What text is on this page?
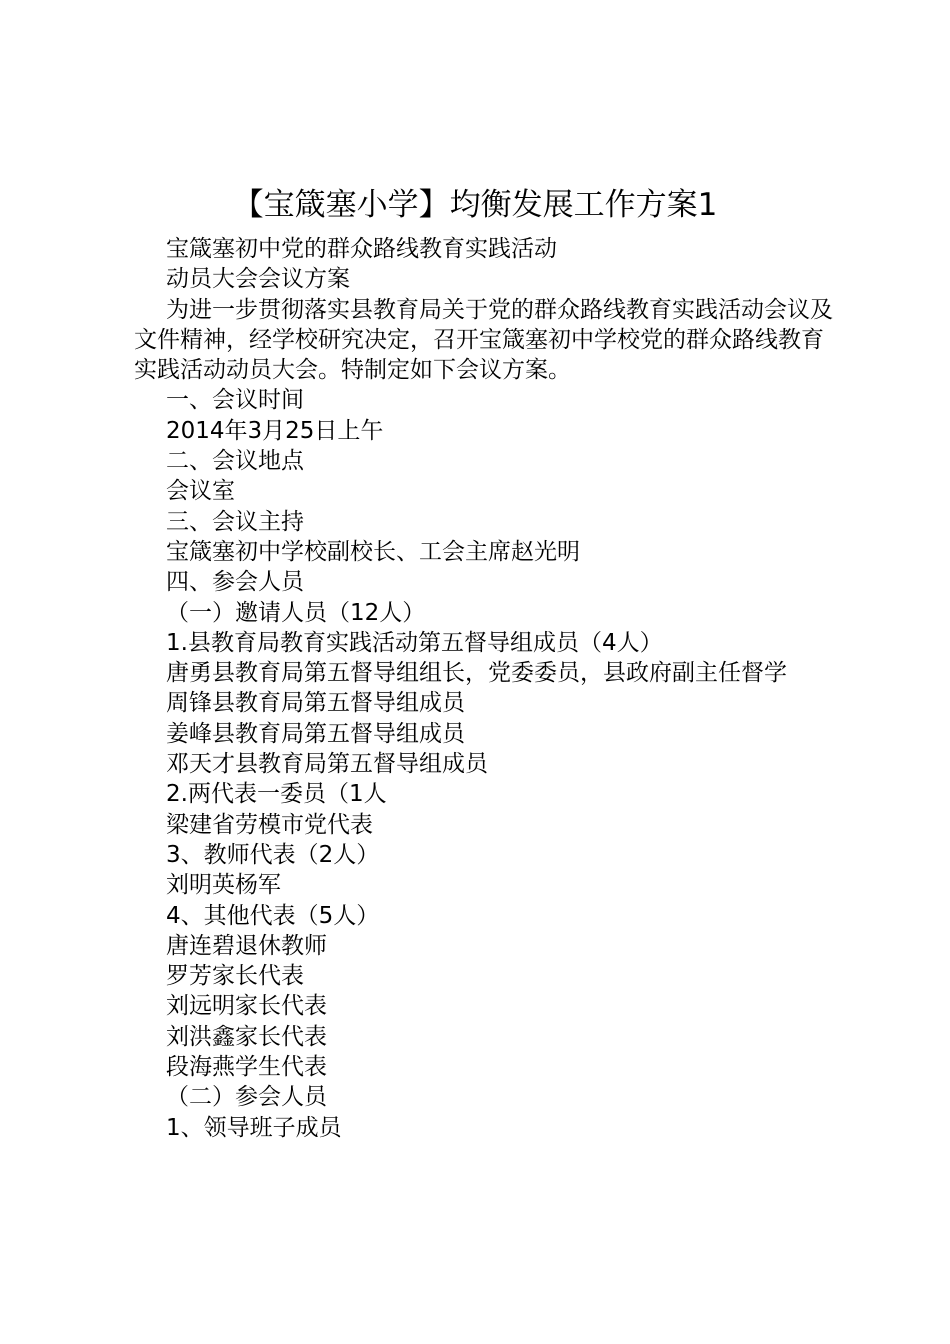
【宝箴塞小学】均衡发展工作方案1

宝箴塞初中党的群众路线教育实践活动

动员大会会议方案

为进一步贯彻落实县教育局关于党的群众路线教育实践活动会议及文件精神，经学校研究决定，召开宝箴塞初中学校党的群众路线教育实践活动动员大会。特制定如下会议方案。

一、会议时间

2014年3月25日上午

二、会议地点

会议室

三、会议主持

宝箴塞初中学校副校长、工会主席赵光明

四、参会人员

（一）邀请人员（12人）

1.县教育局教育实践活动第五督导组成员（4人）

唐勇县教育局第五督导组组长，党委委员，县政府副主任督学

周锋县教育局第五督导组成员

姜峰县教育局第五督导组成员

邓天才县教育局第五督导组成员

2.两代表一委员（1人

梁建省劳模市党代表

3、教师代表（2人）

刘明英杨军

4、其他代表（5人）

唐连碧退休教师

罗芳家长代表

刘远明家长代表

刘洪鑫家长代表

段海燕学生代表

（二）参会人员

1、领导班子成员
